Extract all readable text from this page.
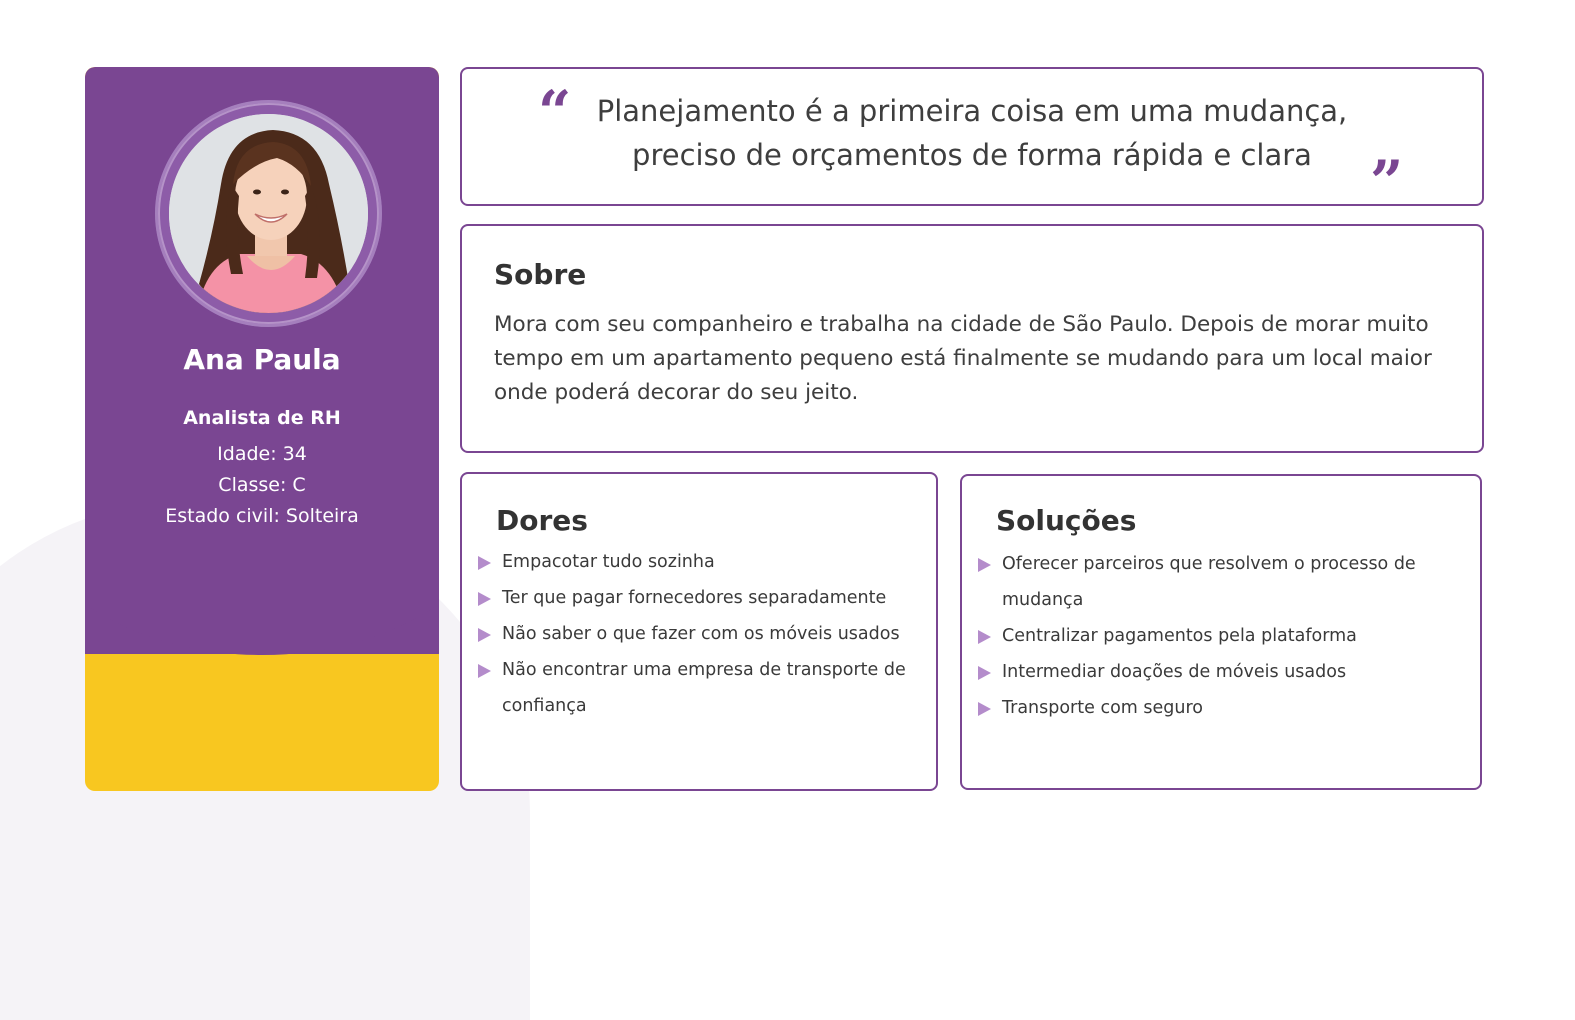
Ana Paula
Analista de RH
Idade: 34
Classe: C
Estado civil: Solteira
“ Planejamento é a primeira coisa em uma mudança,
preciso de orçamentos de forma rápida e clara	”
Sobre
Mora com seu companheiro e trabalha na cidade de São Paulo. Depois de morar muito tempo em um apartamento pequeno está finalmente se mudando para um local maior onde poderá decorar do seu jeito.
Dores
Empacotar tudo sozinha
Ter que pagar fornecedores separadamente
Não saber o que fazer com os móveis usados
Não encontrar uma empresa de transporte de confiança
Soluções
Oferecer parceiros que resolvem o processo de mudança
Centralizar pagamentos pela plataforma
Intermediar doações de móveis usados
Transporte com seguro
